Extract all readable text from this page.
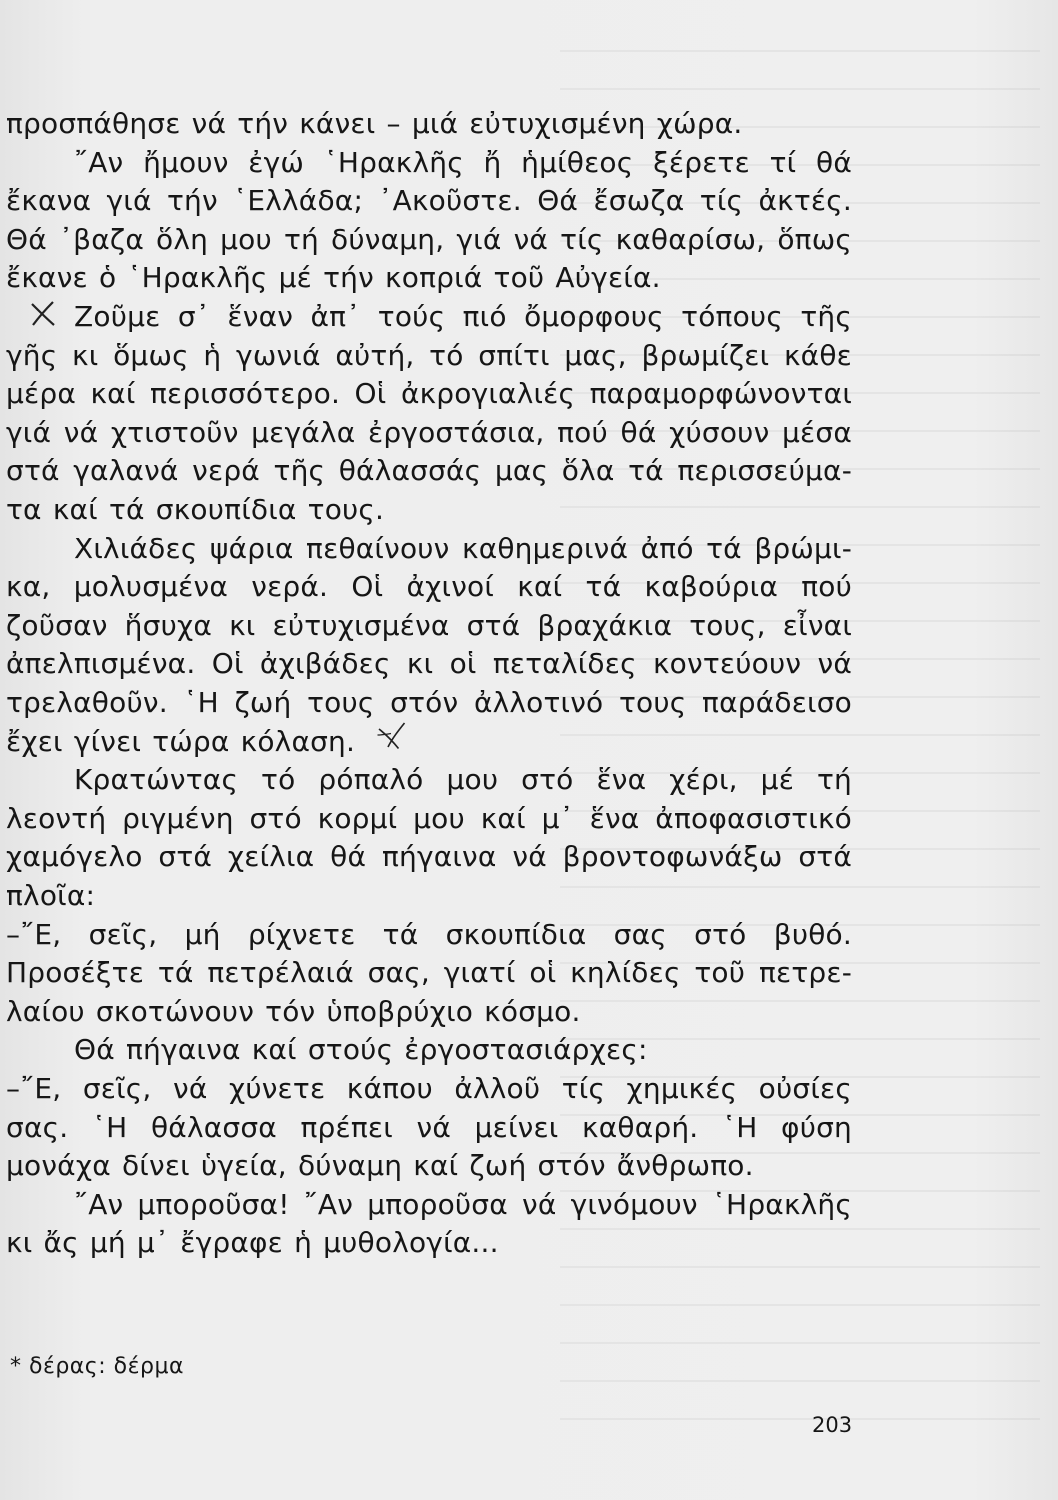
προσπάθησε νά τήν κάνει – μιά εὐτυχισμένη χώρα.
῎Αν ἤμουν ἐγώ ῾Ηρακλῆς ἤ ἡμίθεος ξέρετε τί θά
ἔκανα γιά τήν ῾Ελλάδα; ᾿Ακοῦστε. Θά ἔσωζα τίς ἀκτές.
Θά ᾿βαζα ὅλη μου τή δύναμη, γιά νά τίς καθαρίσω, ὅπως
ἔκανε ὁ ῾Ηρακλῆς μέ τήν κοπριά τοῦ Αὐγεία.
Ζοῦμε σ᾿ ἕναν ἀπ᾿ τούς πιό ὄμορφους τόπους τῆς
γῆς κι ὅμως ἡ γωνιά αὐτή, τό σπίτι μας, βρωμίζει κάθε
μέρα καί περισσότερο. Οἱ ἀκρογιαλιές παραμορφώνονται
γιά νά χτιστοῦν μεγάλα ἐργοστάσια, πού θά χύσουν μέσα
στά γαλανά νερά τῆς θάλασσάς μας ὅλα τά περισσεύμα-
τα καί τά σκουπίδια τους.
Χιλιάδες ψάρια πεθαίνουν καθημερινά ἀπό τά βρώμι-
κα, μολυσμένα νερά. Οἱ ἀχινοί καί τά καβούρια πού
ζοῦσαν ἥσυχα κι εὐτυχισμένα στά βραχάκια τους, εἶναι
ἀπελπισμένα. Οἱ ἀχιβάδες κι οἱ πεταλίδες κοντεύουν νά
τρελαθοῦν. ῾Η ζωή τους στόν ἀλλοτινό τους παράδεισο
ἔχει γίνει τώρα κόλαση.
Κρατώντας τό ρόπαλό μου στό ἕνα χέρι, μέ τή
λεοντή ριγμένη στό κορμί μου καί μ᾿ ἕνα ἀποφασιστικό
χαμόγελο στά χείλια θά πήγαινα νά βροντοφωνάξω στά
πλοῖα:
–῎Ε, σεῖς, μή ρίχνετε τά σκουπίδια σας στό βυθό.
Προσέξτε τά πετρέλαιά σας, γιατί οἱ κηλίδες τοῦ πετρε-
λαίου σκοτώνουν τόν ὑποβρύχιο κόσμο.
Θά πήγαινα καί στούς ἐργοστασιάρχες:
–῎Ε, σεῖς, νά χύνετε κάπου ἀλλοῦ τίς χημικές οὐσίες
σας. ῾Η θάλασσα πρέπει νά μείνει καθαρή. ῾Η φύση
μονάχα δίνει ὑγεία, δύναμη καί ζωή στόν ἄνθρωπο.
῎Αν μποροῦσα! ῎Αν μποροῦσα νά γινόμουν ῾Ηρακλῆς
κι ἄς μή μ᾿ ἔγραφε ἡ μυθολογία...
* δέρας: δέρμα
203
